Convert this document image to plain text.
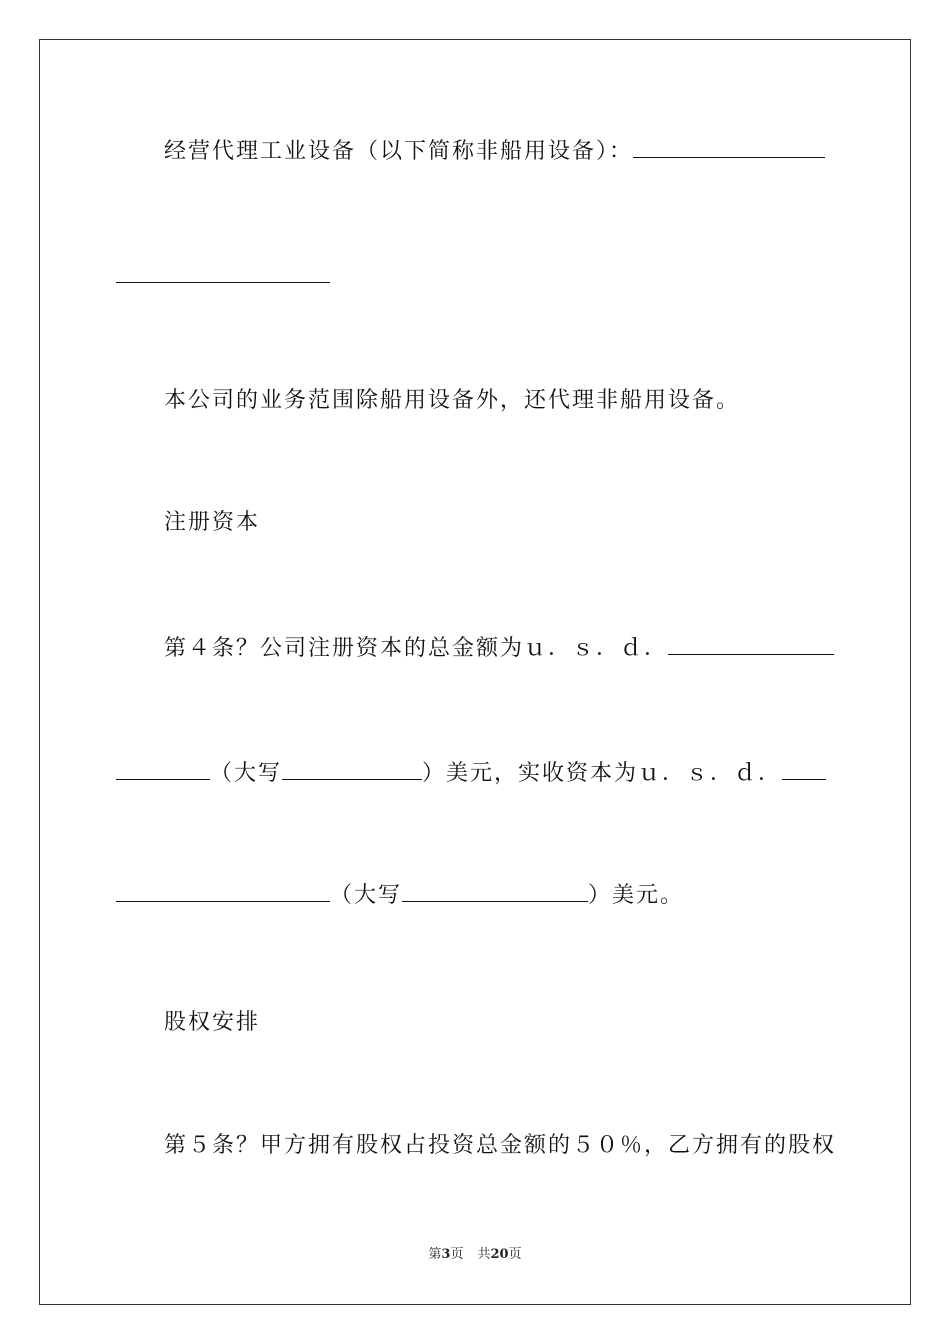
经营代理工业设备（以下简称非船用设备）：
本公司的业务范围除船用设备外，还代理非船用设备。
注册资本
第４条？公司注册资本的总金额为ｕ．ｓ．ｄ．
（大写	）美元，实收资本为ｕ．ｓ．ｄ．
（大写	）美元。
股权安排
第５条？甲方拥有股权占投资总金额的５０％，乙方拥有的股权
第3页 共20页
